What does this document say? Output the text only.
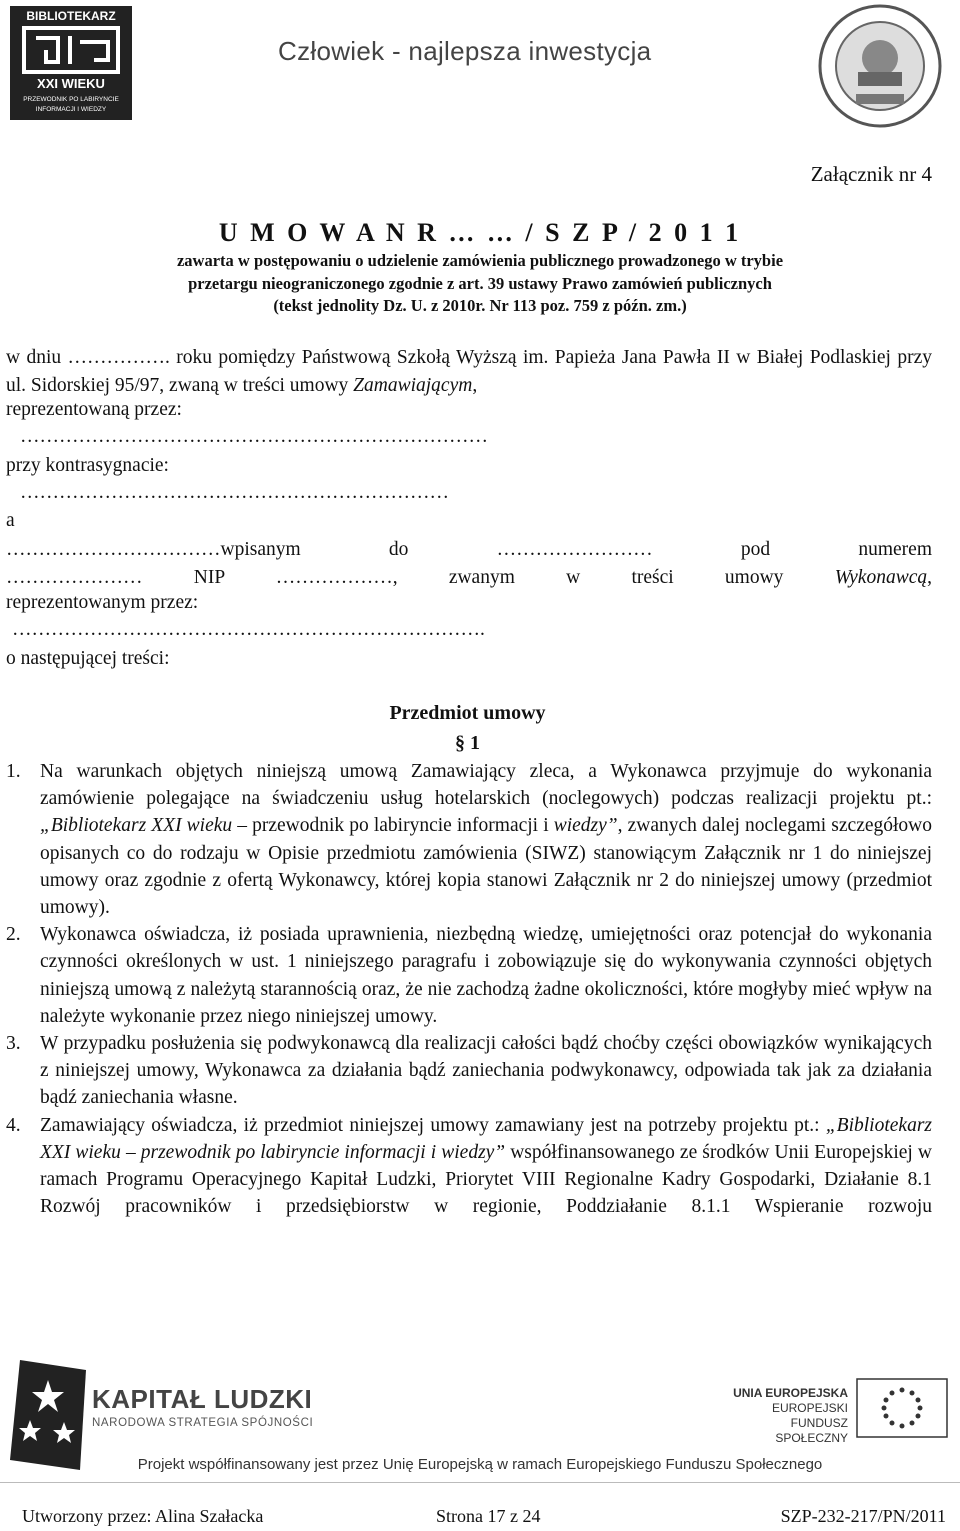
BIBLIOTEKARZ
XXI WIEKU
PRZEWODNIK PO LABIRYNCIE
INFORMACJI I WIEDZY
Człowiek - najlepsza inwestycja
Załącznik nr 4
U M O W A N R … … / S Z P / 2 0 1 1
zawarta w postępowaniu o udzielenie zamówienia publicznego prowadzonego w trybie
przetargu nieograniczonego zgodnie z art. 39 ustawy Prawo zamówień publicznych
(tekst jednolity Dz. U. z 2010r. Nr 113 poz. 759 z późn. zm.)
w dniu ……………. roku pomiędzy Państwową Szkołą Wyższą im. Papieża Jana Pawła II w Białej Podlaskiej przy ul. Sidorskiej 95/97, zwaną w treści umowy Zamawiającym,
reprezentowaną przez:
………………………………………………………………
przy kontrasygnacie:
…………………………………………………………
a
……………………………wpisanym do …………………… pod numerem
………………… NIP ………………, zwanym w treści umowy Wykonawcą,
reprezentowanym przez:
……………………………………………………………….
o następującej treści:
Przedmiot umowy
§ 1
1. Na warunkach objętych niniejszą umową Zamawiający zleca, a Wykonawca przyjmuje do wykonania zamówienie polegające na świadczeniu usług hotelarskich (noclegowych) podczas realizacji projektu pt.: „Bibliotekarz XXI wieku – przewodnik po labiryncie informacji i wiedzy”, zwanych dalej noclegami szczegółowo opisanych co do rodzaju w Opisie przedmiotu zamówienia (SIWZ) stanowiącym Załącznik nr 1 do niniejszej umowy oraz zgodnie z ofertą Wykonawcy, której kopia stanowi Załącznik nr 2 do niniejszej umowy (przedmiot umowy).
2. Wykonawca oświadcza, iż posiada uprawnienia, niezbędną wiedzę, umiejętności oraz potencjał do wykonania czynności określonych w ust. 1 niniejszego paragrafu i zobowiązuje się do wykonywania czynności objętych niniejszą umową z należytą starannością oraz, że nie zachodzą żadne okoliczności, które mogłyby mieć wpływ na należyte wykonanie przez niego niniejszej umowy.
3. W przypadku posłużenia się podwykonawcą dla realizacji całości bądź choćby części obowiązków wynikających z niniejszej umowy, Wykonawca za działania bądź zaniechania podwykonawcy, odpowiada tak jak za działania bądź zaniechania własne.
4. Zamawiający oświadcza, iż przedmiot niniejszej umowy zamawiany jest na potrzeby projektu pt.: „Bibliotekarz XXI wieku – przewodnik po labiryncie informacji i wiedzy” współfinansowanego ze środków Unii Europejskiej w ramach Programu Operacyjnego Kapitał Ludzki, Priorytet VIII Regionalne Kadry Gospodarki, Działanie 8.1 Rozwój pracowników i przedsiębiorstw w regionie, Poddziałanie 8.1.1 Wspieranie rozwoju
KAPITAŁ LUDZKI
NARODOWA STRATEGIA SPÓJNOŚCI
UNIA EUROPEJSKA
EUROPEJSKI
FUNDUSZ SPOŁECZNY
Projekt współfinansowany jest przez Unię Europejską w ramach Europejskiego Funduszu Społecznego
Utworzony przez: Alina Szałacka	Strona 17 z 24	SZP-232-217/PN/2011
